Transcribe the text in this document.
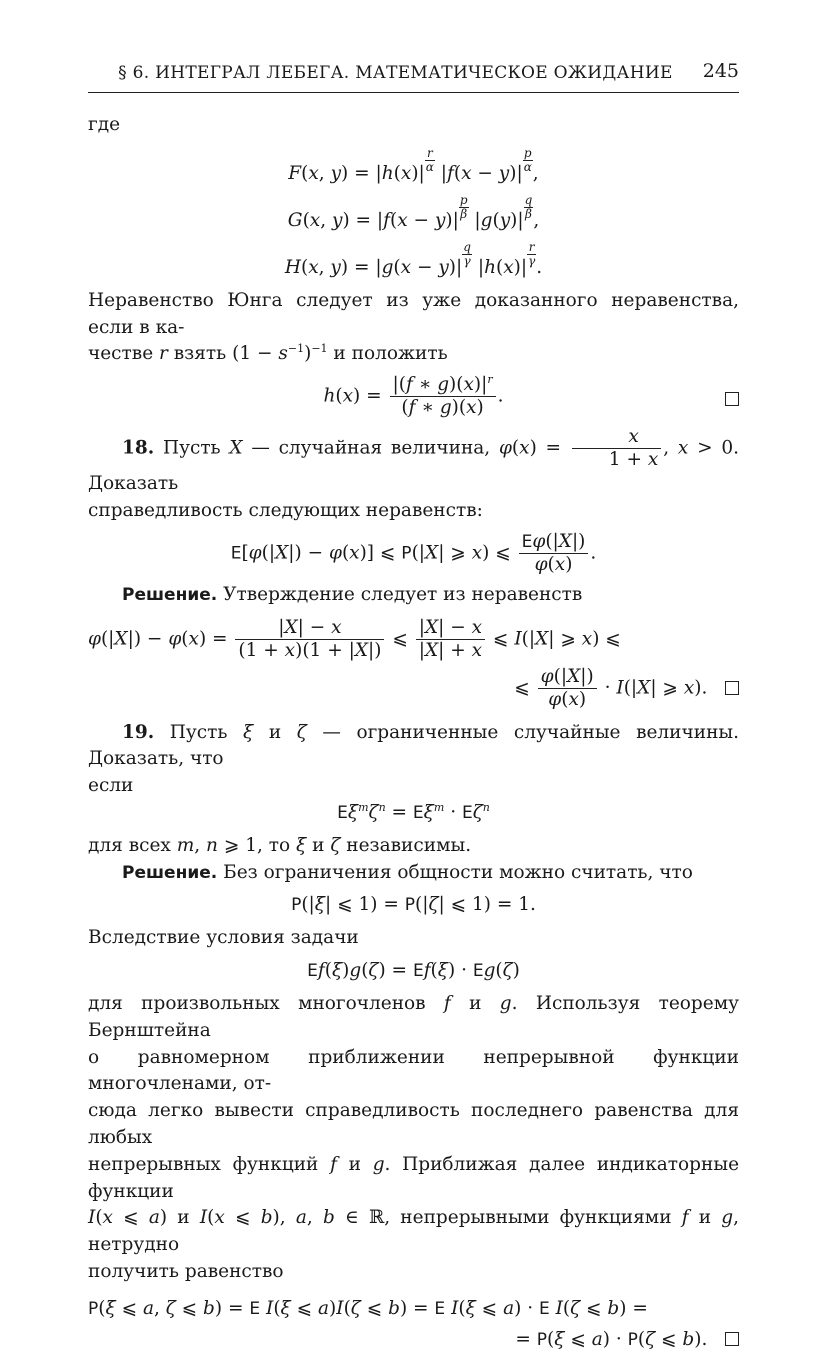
§ 6. ИНТЕГРАЛ ЛЕБЕГА. МАТЕМАТИЧЕСКОЕ ОЖИДАНИЕ	245

где

F(x, $y) = |h(x)| \frac{r}{\alpha} |f(x - y)| \frac{p}{\alpha}$ ,
G(x, $y) = |f(x - y)| \frac{p}{\beta} |g(y)| \frac{q}{\beta}$ ,
H(x, $y) = |g(x - y)| \frac{q}{\gamma} |h(x)| \frac{r}{\gamma}$ .

Неравенство Юнга следует из уже доказанного неравенства, если в ка-

честве r взять $(1 - s^{-1})^{-1}$ и положить

$h(x) = \frac{|(f ∗ g)(x)|^r}{(f ∗ g)(x)}$ .

18. Пусть X — случайная величина, $\varphi(x) = \frac{x}{1 + x}$ , x > 0. Доказать

справедливость следующих неравенств:

E[φ(|X|) − φ(x)] ⩽ P(|X| ⩾ x) ⩽ $\frac{E\varphi(|X|)}{\varphi(x)}$ .

Решение. Утверждение следует из неравенств

$\varphi(|X|) - \varphi(x) = \frac{|X| - x}{(1 + x)(1 + |X|)}$ ⩽ $\frac{|X| - x}{|X| + x}$ ⩽ I(|X| ⩾ x) ⩽
⩽ $\frac{\varphi(|X|)}{\varphi(x)} \cdot I(|X|$ ⩾ x).

19. Пусть ξ и ζ — ограниченные случайные величины. Доказать, что

если

$E\xi^m\zeta^n = E\xi^m \cdot E\zeta^n$

для всех m, n ⩾ 1, то ξ и ζ независимы.

Решение. Без ограничения общности можно считать, что

P(|ξ| ⩽ 1) = P(|ζ| ⩽ 1) = 1.

Вследствие условия задачи

Ef(ξ)g(ζ) = Ef(ξ) · Eg(ζ)

для произвольных многочленов f и g. Используя теорему Бернштейна

о равномерном приближении непрерывной функции многочленами, от-

сюда легко вывести справедливость последнего равенства для любых

непрерывных функций f и g. Приближая далее индикаторные функции

I(x ⩽ a) и I(x ⩽ b), a, b ∈ ℝ, непрерывными функциями f и g, нетрудно

получить равенство

P(ξ ⩽ a, ζ ⩽ b) = E I(ξ ⩽ a)I(ζ ⩽ b) = E I(ξ ⩽ a) · E I(ζ ⩽ b) =
= P(ξ ⩽ a) · P(ζ ⩽ b).
